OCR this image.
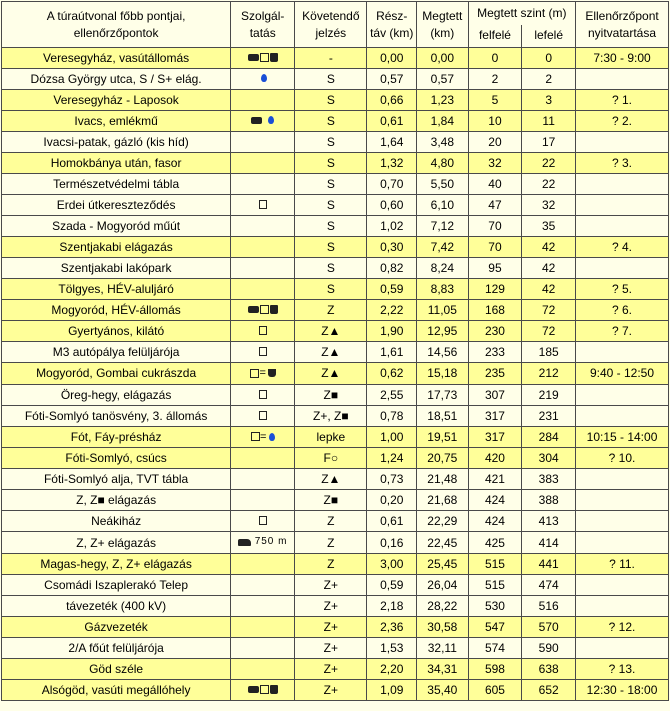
A túraútvonal főbb pontjai,
ellenőrzőpontok	Szolgál-
tatás	Követendő
jelzés	Rész-
táv (km)	Megtett
(km)	Megtett szint (m)		Ellenőrzőpont
nyitvatartása
					felfelé	lefelé	
Veresegyház, vasútállomás		-	0,00	0,00	0	0	7:30 - 9:00
Dózsa György utca, S / S+ elág.		S	0,57	0,57	2	2	
Veresegyház - Laposok		S	0,66	1,23	5	3	? 1.
Ivacs, emlékmű		S	0,61	1,84	10	11	? 2.
Ivacsi-patak, gázló (kis híd)		S	1,64	3,48	20	17	
Homokbánya után, fasor		S	1,32	4,80	32	22	? 3.
Természetvédelmi tábla		S	0,70	5,50	40	22	
Erdei útkereszteződés		S	0,60	6,10	47	32	
Szada - Mogyoród műút		S	1,02	7,12	70	35	
Szentjakabi elágazás		S	0,30	7,42	70	42	? 4.
Szentjakabi lakópark		S	0,82	8,24	95	42	
Tölgyes, HÉV-aluljáró		S	0,59	8,83	129	42	? 5.
Mogyoród, HÉV-állomás		Z	2,22	11,05	168	72	? 6.
Gyertyános, kilátó		Z▲	1,90	12,95	230	72	? 7.
M3 autópálya felüljárója		Z▲	1,61	14,56	233	185	
Mogyoród, Gombai cukrászda	=	Z▲	0,62	15,18	235	212	9:40 - 12:50
Öreg-hegy, elágazás		Z■	2,55	17,73	307	219	
Fóti-Somlyó tanösvény, 3. állomás		Z+, Z■	0,78	18,51	317	231	
Fót, Fáy-présház	=	lepke	1,00	19,51	317	284	10:15 - 14:00
Fóti-Somlyó, csúcs		F○	1,24	20,75	420	304	? 10.
Fóti-Somlyó alja, TVT tábla		Z▲	0,73	21,48	421	383	
Z, Z■ elágazás		Z■	0,20	21,68	424	388	
Neákiház		Z	0,61	22,29	424	413	
Z, Z+ elágazás	750 m	Z	0,16	22,45	425	414	
Magas-hegy, Z, Z+ elágazás		Z	3,00	25,45	515	441	? 11.
Csomádi Iszaplerakó Telep		Z+	0,59	26,04	515	474	
távezeték (400 kV)		Z+	2,18	28,22	530	516	
Gázvezeték		Z+	2,36	30,58	547	570	? 12.
2/A főút felüljárója		Z+	1,53	32,11	574	590	
Göd széle		Z+	2,20	34,31	598	638	? 13.
Alsógöd, vasúti megállóhely		Z+	1,09	35,40	605	652	12:30 - 18:00
